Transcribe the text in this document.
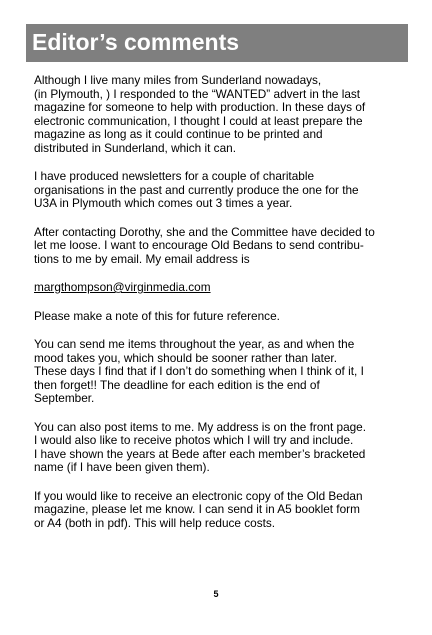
Editor’s comments

Although I live many miles from Sunderland nowadays,
(in Plymouth, ) I responded to the “WANTED” advert in the last
magazine for someone to help with production. In these days of
electronic communication, I thought I could at least prepare the
magazine as long as it could continue to be printed and
distributed in Sunderland, which it can.

I have produced newsletters for a couple of charitable
organisations in the past and currently produce the one for the
U3A in Plymouth which comes out 3 times a year.

After contacting Dorothy, she and the Committee have decided to
let me loose. I want to encourage Old Bedans to send contribu-
tions to me by email. My email address is

margthompson@virginmedia.com

Please make a note of this for future reference.

You can send me items throughout the year, as and when the
mood takes you, which should be sooner rather than later.
These days I find that if I don’t do something when I think of it, I
then forget!! The deadline for each edition is the end of
September.

You can also post items to me. My address is on the front page.
I would also like to receive photos which I will try and include.
I have shown the years at Bede after each member’s bracketed
name (if I have been given them).

If you would like to receive an electronic copy of the Old Bedan
magazine, please let me know. I can send it in A5 booklet form
or A4 (both in pdf). This will help reduce costs.

5
